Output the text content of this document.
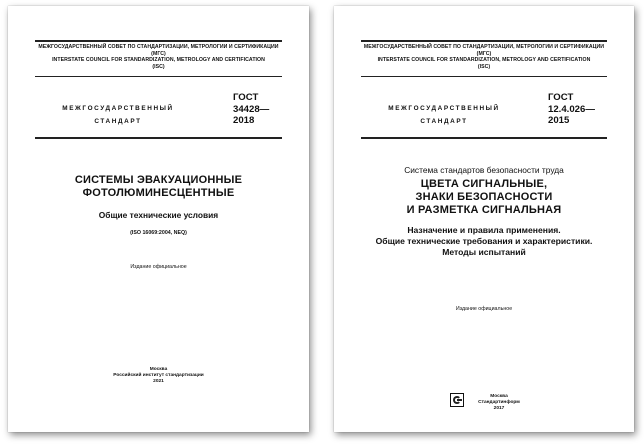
МЕЖГОСУДАРСТВЕННЫЙ СОВЕТ ПО СТАНДАРТИЗАЦИИ, МЕТРОЛОГИИ И СЕРТИФИКАЦИИ
(МГС)
INTERSTATE COUNCIL FOR STANDARDIZATION, METROLOGY AND CERTIFICATION
(ISC)
МЕЖГОСУДАРСТВЕННЫЙ
СТАНДАРТ
ГОСТ
34428—
2018
СИСТЕМЫ ЭВАКУАЦИОННЫЕ
ФОТОЛЮМИНЕСЦЕНТНЫЕ
Общие технические условия
(ISO 16069:2004, NEQ)
Издание официальное
Москва
Российский институт стандартизации
2021
МЕЖГОСУДАРСТВЕННЫЙ СОВЕТ ПО СТАНДАРТИЗАЦИИ, МЕТРОЛОГИИ И СЕРТИФИКАЦИИ
(МГС)
INTERSTATE COUNCIL FOR STANDARDIZATION, METROLOGY AND CERTIFICATION
(ISC)
МЕЖГОСУДАРСТВЕННЫЙ
СТАНДАРТ
ГОСТ
12.4.026—
2015
Система стандартов безопасности труда
ЦВЕТА СИГНАЛЬНЫЕ,
ЗНАКИ БЕЗОПАСНОСТИ
И РАЗМЕТКА СИГНАЛЬНАЯ
Назначение и правила применения.
Общие технические требования и характеристики.
Методы испытаний
Издание официальное
Москва
Стандартинформ
2017
